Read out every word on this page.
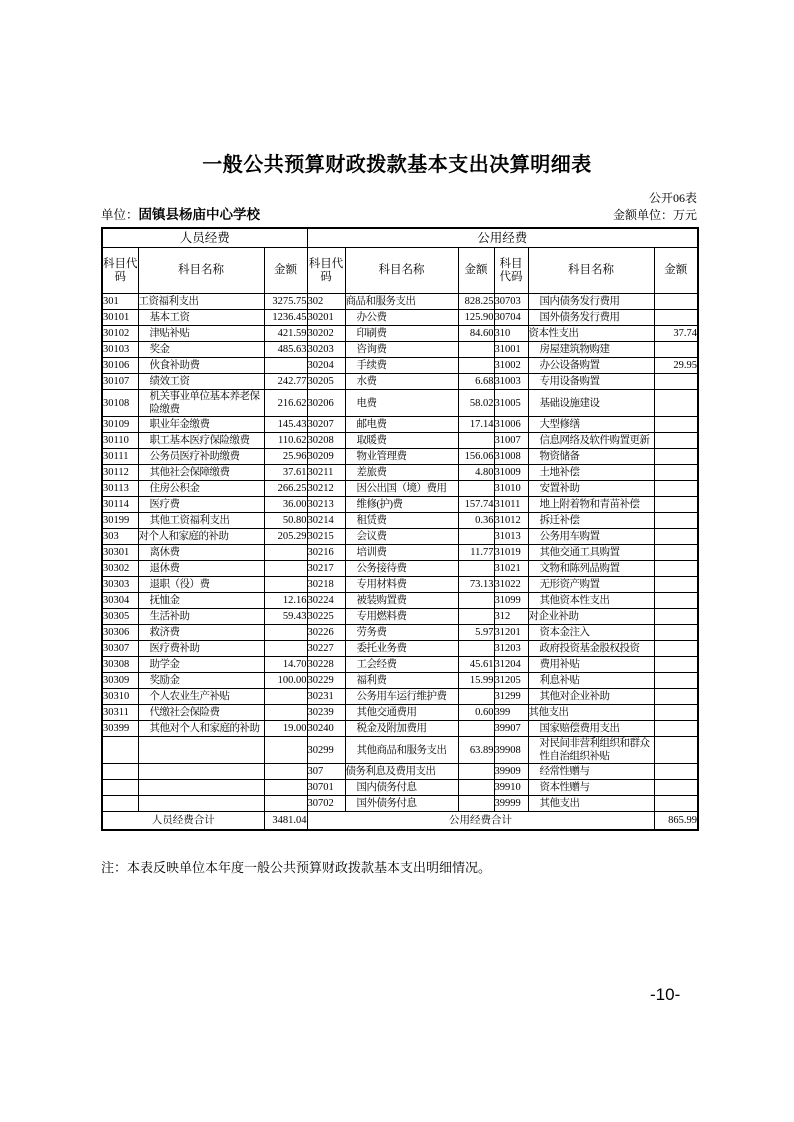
一般公共预算财政拨款基本支出决算明细表
公开06表
单位：固镇县杨庙中心学校	金额单位：万元
人员经费			公用经费					
科目代码	科目名称	金额	科目代码	科目名称	金额	科目代码	科目名称	金额
301	工资福利支出	3275.75	302	商品和服务支出	828.25	30703	国内债务发行费用	
30101	基本工资	1236.45	30201	办公费	125.90	30704	国外债务发行费用	
30102	津贴补贴	421.59	30202	印刷费	84.60	310	资本性支出	37.74
30103	奖金	485.63	30203	咨询费		31001	房屋建筑物购建	
30106	伙食补助费		30204	手续费		31002	办公设备购置	29.95
30107	绩效工资	242.77	30205	水费	6.68	31003	专用设备购置	
30108	机关事业单位基本养老保险缴费	216.62	30206	电费	58.02	31005	基础设施建设	
30109	职业年金缴费	145.43	30207	邮电费	17.14	31006	大型修缮	
30110	职工基本医疗保险缴费	110.62	30208	取暖费		31007	信息网络及软件购置更新	
30111	公务员医疗补助缴费	25.96	30209	物业管理费	156.06	31008	物资储备	
30112	其他社会保障缴费	37.61	30211	差旅费	4.80	31009	土地补偿	
30113	住房公积金	266.25	30212	因公出国（境）费用		31010	安置补助	
30114	医疗费	36.00	30213	维修(护)费	157.74	31011	地上附着物和青苗补偿	
30199	其他工资福利支出	50.80	30214	租赁费	0.36	31012	拆迁补偿	
303	对个人和家庭的补助	205.29	30215	会议费		31013	公务用车购置	
30301	离休费		30216	培训费	11.77	31019	其他交通工具购置	
30302	退休费		30217	公务接待费		31021	文物和陈列品购置	
30303	退职（役）费		30218	专用材料费	73.13	31022	无形资产购置	
30304	抚恤金	12.16	30224	被装购置费		31099	其他资本性支出	
30305	生活补助	59.43	30225	专用燃料费		312	对企业补助	
30306	救济费		30226	劳务费	5.97	31201	资本金注入	
30307	医疗费补助		30227	委托业务费		31203	政府投资基金股权投资	
30308	助学金	14.70	30228	工会经费	45.61	31204	费用补贴	
30309	奖励金	100.00	30229	福利费	15.99	31205	利息补贴	
30310	个人农业生产补贴		30231	公务用车运行维护费		31299	其他对企业补助	
30311	代缴社会保险费		30239	其他交通费用	0.60	399	其他支出	
30399	其他对个人和家庭的补助	19.00	30240	税金及附加费用		39907	国家赔偿费用支出	
			30299	其他商品和服务支出	63.89	39908	对民间非营利组织和群众性自治组织补贴	
			307	债务利息及费用支出		39909	经常性赠与	
			30701	国内债务付息		39910	资本性赠与	
			30702	国外债务付息		39999	其他支出	
人员经费合计		3481.04	公用经费合计					865.99
注：本表反映单位本年度一般公共预算财政拨款基本支出明细情况。
-10-
